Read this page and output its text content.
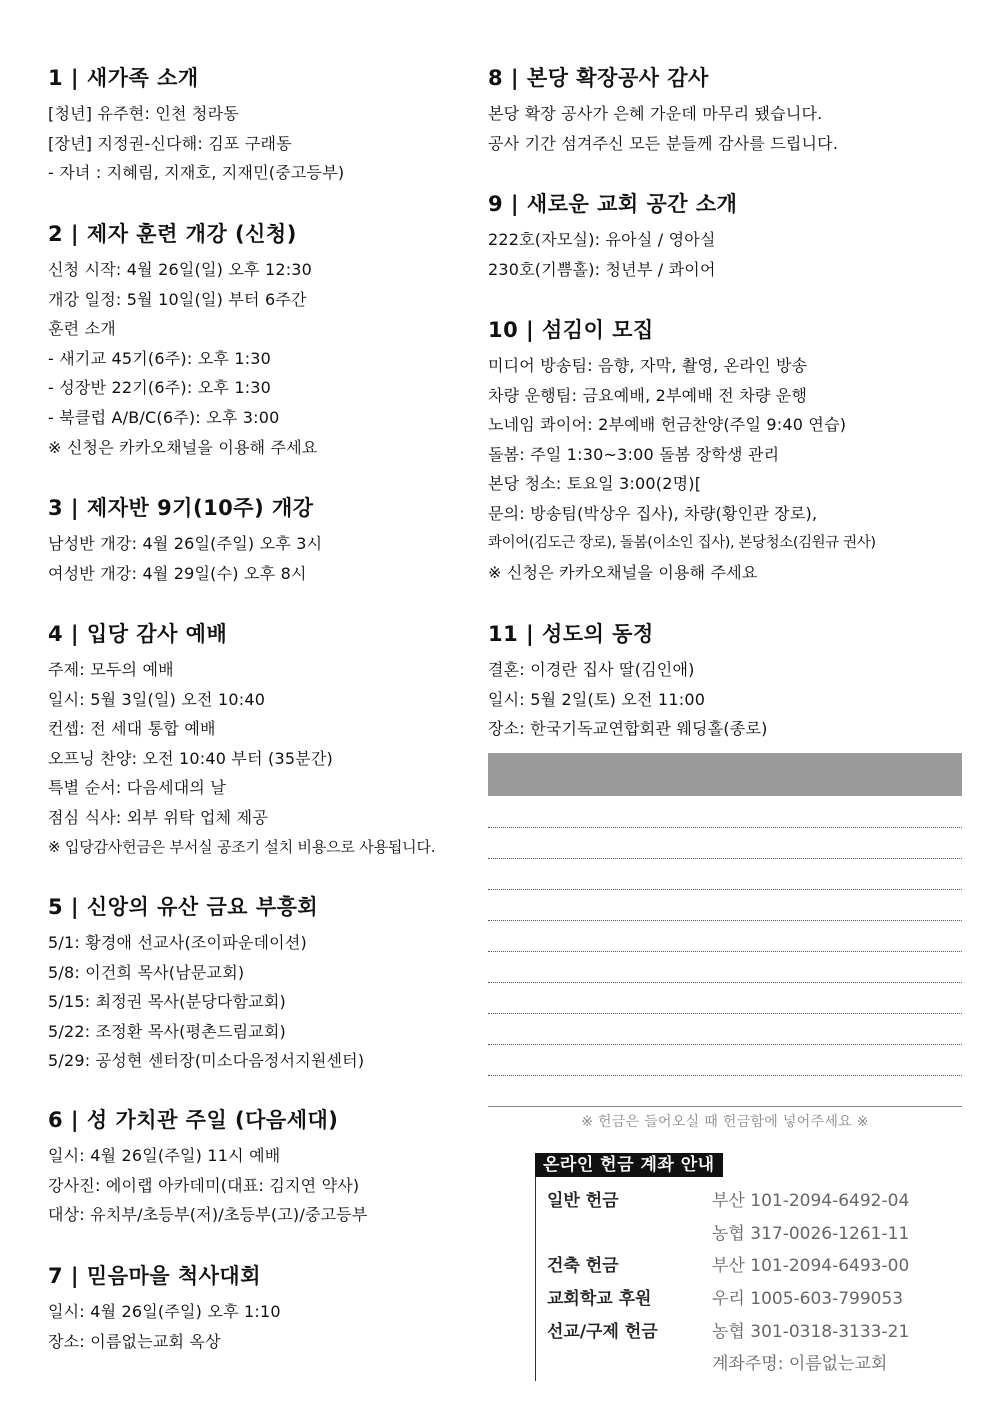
1 | 새가족 소개
[청년] 유주현: 인천 청라동
[장년] 지정권-신다해: 김포 구래동
- 자녀 : 지혜림, 지재호, 지재민(중고등부)
2 | 제자 훈련 개강 (신청)
신청 시작: 4월 26일(일) 오후 12:30
개강 일정: 5월 10일(일) 부터 6주간
훈련 소개
- 새기교 45기(6주): 오후 1:30
- 성장반 22기(6주): 오후 1:30
- 북클럽 A/B/C(6주): 오후 3:00
※ 신청은 카카오채널을 이용해 주세요
3 | 제자반 9기(10주) 개강
남성반 개강: 4월 26일(주일) 오후 3시
여성반 개강: 4월 29일(수) 오후 8시
4 | 입당 감사 예배
주제: 모두의 예배
일시: 5월 3일(일) 오전 10:40
컨셉: 전 세대 통합 예배
오프닝 찬양: 오전 10:40 부터 (35분간)
특별 순서: 다음세대의 날
점심 식사: 외부 위탁 업체 제공
※ 입당감사헌금은 부서실 공조기 설치 비용으로 사용됩니다.
5 | 신앙의 유산 금요 부흥회
5/1: 황경애 선교사(조이파운데이션)
5/8: 이건희 목사(남문교회)
5/15: 최정권 목사(분당다함교회)
5/22: 조정환 목사(평촌드림교회)
5/29: 공성현 센터장(미소다음정서지원센터)
6 | 성 가치관 주일 (다음세대)
일시: 4월 26일(주일) 11시 예배
강사진: 에이랩 아카데미(대표: 김지연 약사)
대상: 유치부/초등부(저)/초등부(고)/중고등부
7 | 믿음마을 척사대회
일시: 4월 26일(주일) 오후 1:10
장소: 이름없는교회 옥상
8 | 본당 확장공사 감사
본당 확장 공사가 은혜 가운데 마무리 됐습니다.
공사 기간 섬겨주신 모든 분들께 감사를 드립니다.
9 | 새로운 교회 공간 소개
222호(자모실): 유아실 / 영아실
230호(기쁨홀): 청년부 / 콰이어
10 | 섬김이 모집
미디어 방송팀: 음향, 자막, 촬영, 온라인 방송
차량 운행팀: 금요예배, 2부예배 전 차량 운행
노네임 콰이어: 2부예배 헌금찬양(주일 9:40 연습)
돌봄: 주일 1:30~3:00 돌봄 장학생 관리
본당 청소: 토요일 3:00(2명)[
문의: 방송팀(박상우 집사), 차량(황인관 장로),
콰이어(김도근 장로), 돌봄(이소인 집사), 본당청소(김원규 권사)
※ 신청은 카카오채널을 이용해 주세요
11 | 성도의 동정
결혼: 이경란 집사 딸(김인애)
일시: 5월 2일(토) 오전 11:00
장소: 한국기독교연합회관 웨딩홀(종로)
※ 헌금은 들어오실 때 헌금함에 넣어주세요 ※
온라인 헌금 계좌 안내
일반 헌금	부산 101-2094-6492-04
농협 317-0026-1261-11
건축 헌금	부산 101-2094-6493-00
교회학교 후원	우리 1005-603-799053
선교/구제 헌금	농협 301-0318-3133-21
계좌주명: 이름없는교회
